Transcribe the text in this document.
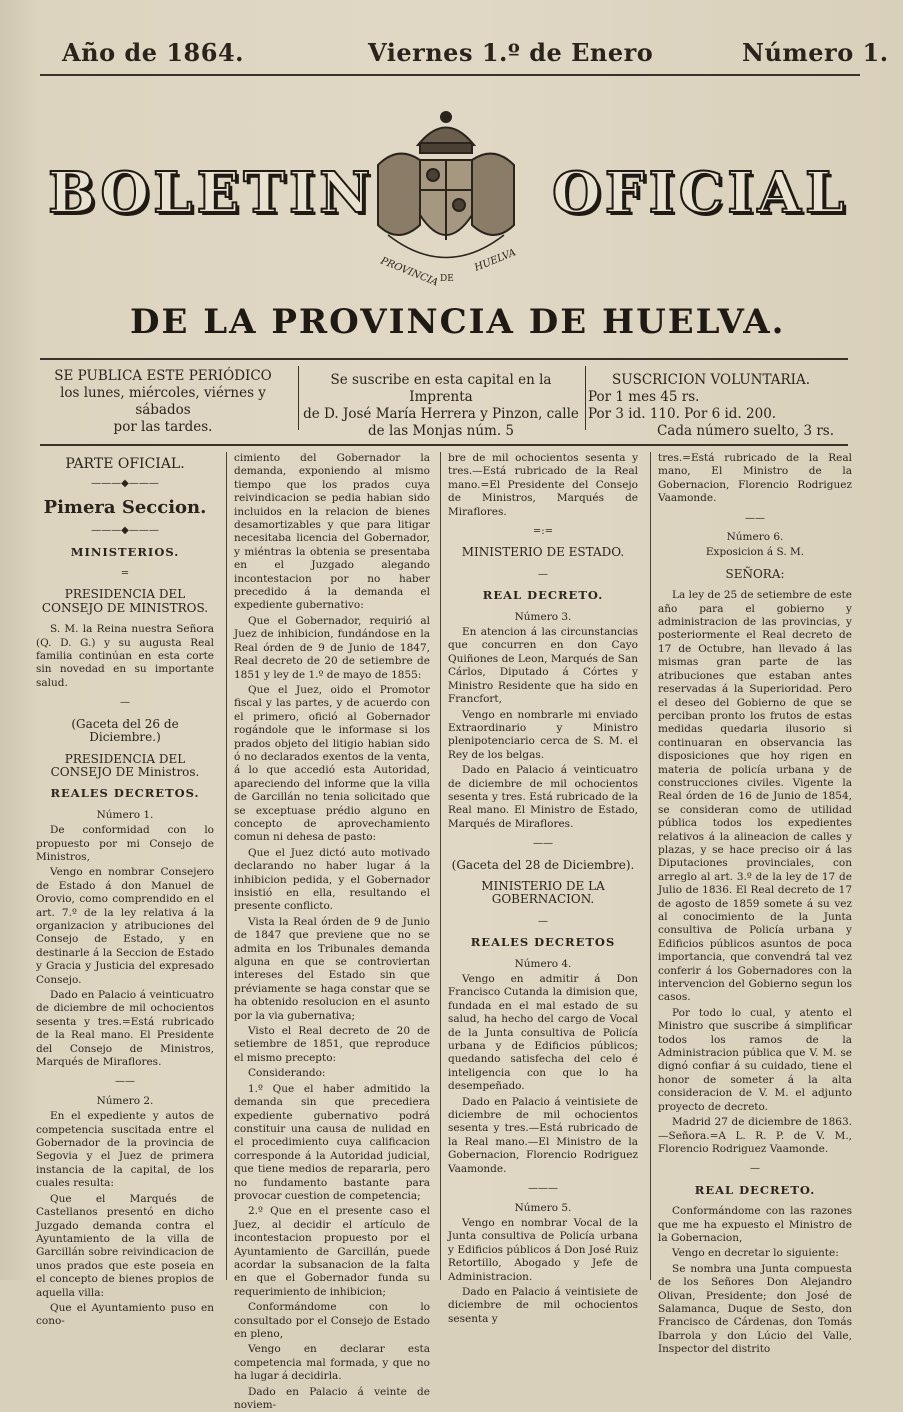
Año de 1864.	Viernes 1.º de Enero	Número 1.
BOLETIN	OFICIAL
PROVINCIA DE
HUELVA
DE LA PROVINCIA DE HUELVA.
SE PUBLICA ESTE PERIÓDICO
los lunes, miércoles, viérnes y sábados
por las tardes.
Se suscribe en esta capital en la Imprenta
de D. José María Herrera y Pinzon, calle
de las Monjas núm. 5
SUSCRICION VOLUNTARIA.
Por 1 mes 45 rs.
Por 3 id. 110. Por 6 id. 200.
Cada número suelto, 3 rs.

PARTE OFICIAL.

———◆———

Pimera Seccion.

———◆———

MINISTERIOS.

=

PRESIDENCIA DEL CONSEJO DE MINISTROS.

S. M. la Reina nuestra Señora (Q. D. G.) y su augusta Real familia continúan en esta corte sin novedad en su importante salud.

—

(Gaceta del 26 de Diciembre.)

PRESIDENCIA DEL CONSEJO DE Ministros.

REALES DECRETOS.

Número 1.

De conformidad con lo propuesto por mi Consejo de Ministros,

Vengo en nombrar Consejero de Estado á don Manuel de Orovio, como comprendido en el art. 7.º de la ley relativa á la organizacion y atribuciones del Consejo de Estado, y en destinarle á la Seccion de Estado y Gracia y Justicia del expresado Consejo.

Dado en Palacio á veinticuatro de diciembre de mil ochocientos sesenta y tres.=Está rubricado de la Real mano. El Presidente del Consejo de Ministros, Marqués de Miraflores.

——

Número 2.

En el expediente y autos de competencia suscitada entre el Gobernador de la provincia de Segovia y el Juez de primera instancia de la capital, de los cuales resulta:

Que el Marqués de Castellanos presentó en dicho Juzgado demanda contra el Ayuntamiento de la villa de Garcillán sobre reivindicacion de unos prados que este poseia en el concepto de bienes propios de aquella villa:

Que el Ayuntamiento puso en cono-

cimiento del Gobernador la demanda, exponiendo al mismo tiempo que los prados cuya reivindicacion se pedia habian sido incluidos en la relacion de bienes desamortizables y que para litigar necesitaba licencia del Gobernador, y miéntras la obtenia se presentaba en el Juzgado alegando incontestacion por no haber precedido á la demanda el expediente gubernativo:

Que el Gobernador, requirió al Juez de inhibicion, fundándose en la Real órden de 9 de Junio de 1847, Real decreto de 20 de setiembre de 1851 y ley de 1.º de mayo de 1855:

Que el Juez, oido el Promotor fiscal y las partes, y de acuerdo con el primero, ofició al Gobernador rogándole que le informase si los prados objeto del litigio habian sido ó no declarados exentos de la venta, á lo que accedió esta Autoridad, apareciendo del informe que la villa de Garcillán no tenia solicitado que se exceptuase prédio alguno en concepto de aprovechamiento comun ni dehesa de pasto:

Que el Juez dictó auto motivado declarando no haber lugar á la inhibicion pedida, y el Gobernador insistió en ella, resultando el presente conflicto.

Vista la Real órden de 9 de Junio de 1847 que previene que no se admita en los Tribunales demanda alguna en que se controviertan intereses del Estado sin que préviamente se haga constar que se ha obtenido resolucion en el asunto por la via gubernativa;

Visto el Real decreto de 20 de setiembre de 1851, que reproduce el mismo precepto:

Considerando:

1.º Que el haber admitido la demanda sin que precediera expediente gubernativo podrá constituir una causa de nulidad en el procedimiento cuya calificacion corresponde á la Autoridad judicial, que tiene medios de repararla, pero no fundamento bastante para provocar cuestion de competencia;

2.º Que en el presente caso el Juez, al decidir el artículo de incontestacion propuesto por el Ayuntamiento de Garcillán, puede acordar la subsanacion de la falta en que el Gobernador funda su requerimiento de inhibicion;

Conformándome con lo consultado por el Consejo de Estado en pleno,

Vengo en declarar esta competencia mal formada, y que no ha lugar á decidirla.

Dado en Palacio á veinte de noviem-

bre de mil ochocientos sesenta y tres.—Está rubricado de la Real mano.=El Presidente del Consejo de Ministros, Marqués de Miraflores.

=:=

MINISTERIO DE ESTADO.

—

REAL DECRETO.

Número 3.

En atencion á las circunstancias que concurren en don Cayo Quiñones de Leon, Marqués de San Cárlos, Diputado á Córtes y Ministro Residente que ha sido en Francfort,

Vengo en nombrarle mi enviado Extraordinario y Ministro plenipotenciario cerca de S. M. el Rey de los belgas.

Dado en Palacio á veinticuatro de diciembre de mil ochocientos sesenta y tres. Está rubricado de la Real mano. El Ministro de Estado, Marqués de Miraflores.

——

(Gaceta del 28 de Diciembre).

MINISTERIO DE LA GOBERNACION.

—

REALES DECRETOS

Número 4.

Vengo en admitir á Don Francisco Cutanda la dimision que, fundada en el mal estado de su salud, ha hecho del cargo de Vocal de la Junta consultiva de Policía urbana y de Edificios públicos; quedando satisfecha del celo é inteligencia con que lo ha desempeñado.

Dado en Palacio á veintisiete de diciembre de mil ochocientos sesenta y tres.—Está rubricado de la Real mano.—El Ministro de la Gobernacion, Florencio Rodriguez Vaamonde.

———

Número 5.

Vengo en nombrar Vocal de la Junta consultiva de Policía urbana y Edificios públicos á Don José Ruiz Retortillo, Abogado y Jefe de Administracion.

Dado en Palacio á veintisiete de diciembre de mil ochocientos sesenta y

tres.=Está rubricado de la Real mano, El Ministro de la Gobernacion, Florencio Rodriguez Vaamonde.

——

Número 6.

Exposicion á S. M.

SEÑORA:

La ley de 25 de setiembre de este año para el gobierno y administracion de las provincias, y posteriormente el Real decreto de 17 de Octubre, han llevado á las mismas gran parte de las atribuciones que estaban antes reservadas á la Superioridad. Pero el deseo del Gobierno de que se perciban pronto los frutos de estas medidas quedaria ilusorio si continuaran en observancia las disposiciones que hoy rigen en materia de policía urbana y de construcciones civiles. Vigente la Real órden de 16 de Junio de 1854, se consideran como de utilidad pública todos los expedientes relativos á la alineacion de calles y plazas, y se hace preciso oir á las Diputaciones provinciales, con arreglo al art. 3.º de la ley de 17 de Julio de 1836. El Real decreto de 17 de agosto de 1859 somete á su vez al conocimiento de la Junta consultiva de Policía urbana y Edificios públicos asuntos de poca importancia, que convendrá tal vez conferir á los Gobernadores con la intervencion del Gobierno segun los casos.

Por todo lo cual, y atento el Ministro que suscribe á simplificar todos los ramos de la Administracion pública que V. M. se dignó confiar á su cuidado, tiene el honor de someter á la alta consideracion de V. M. el adjunto proyecto de decreto.

Madrid 27 de diciembre de 1863.—Señora.=A L. R. P. de V. M., Florencio Rodriguez Vaamonde.

—

REAL DECRETO.

Conformándome con las razones que me ha expuesto el Ministro de la Gobernacion,

Vengo en decretar lo siguiente:

Se nombra una Junta compuesta de los Señores Don Alejandro Olivan, Presidente; don José de Salamanca, Duque de Sesto, don Francisco de Cárdenas, don Tomás Ibarrola y don Lúcio del Valle, Inspector del distrito
